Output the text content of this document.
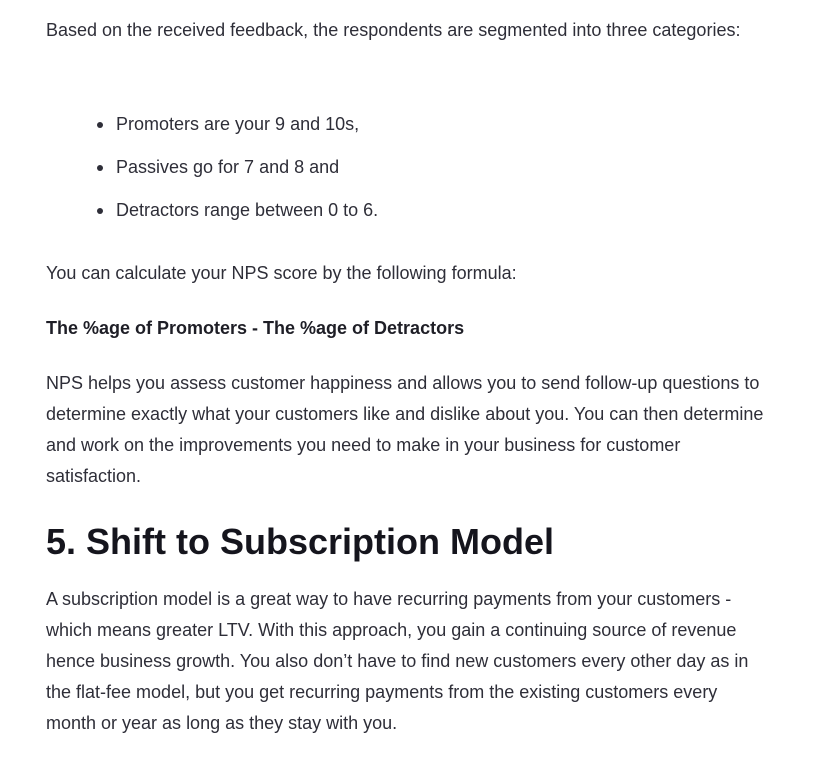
Based on the received feedback, the respondents are segmented into three categories:

Promoters are your 9 and 10s,
Passives go for 7 and 8 and
Detractors range between 0 to 6.

You can calculate your NPS score by the following formula:

The %age of Promoters - The %age of Detractors

NPS helps you assess customer happiness and allows you to send follow-up questions to determine exactly what your customers like and dislike about you. You can then determine and work on the improvements you need to make in your business for customer satisfaction.

5. Shift to Subscription Model

A subscription model is a great way to have recurring payments from your customers - which means greater LTV. With this approach, you gain a continuing source of revenue hence business growth. You also don’t have to find new customers every other day as in the flat-fee model, but you get recurring payments from the existing customers every month or year as long as they stay with you.
